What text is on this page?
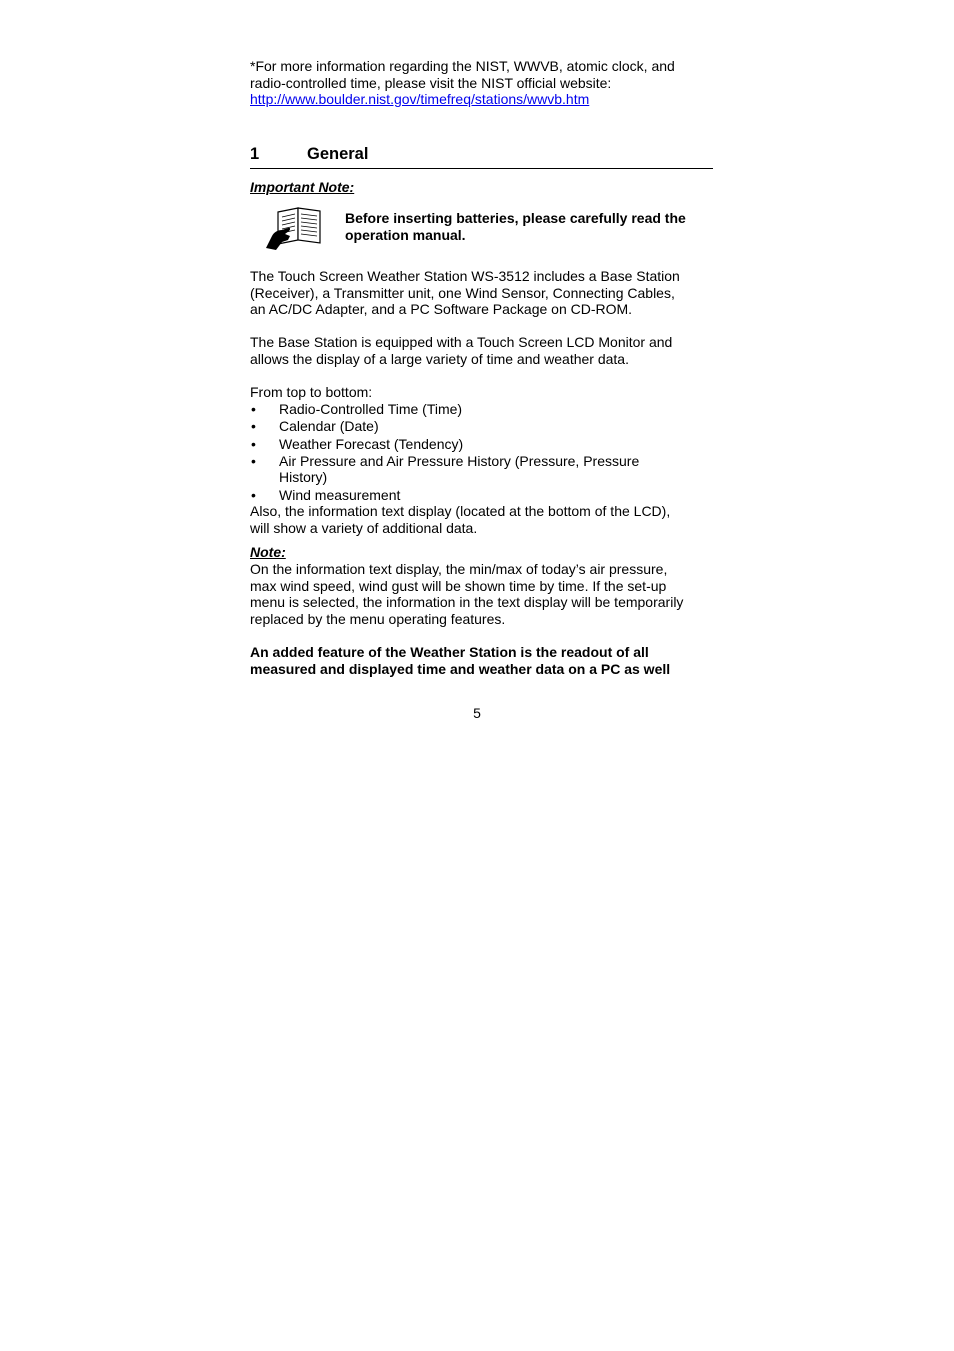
*For more information regarding the NIST, WWVB, atomic clock, and

radio-controlled time, please visit the NIST official website:

http://www.boulder.nist.gov/timefreq/stations/wwvb.htm

1	General
Important Note:

Before inserting batteries, please carefully read the

operation manual.

The Touch Screen Weather Station WS-3512 includes a Base Station

(Receiver), a Transmitter unit, one Wind Sensor, Connecting Cables,

an AC/DC Adapter, and a PC Software Package on CD-ROM.

The Base Station is equipped with a Touch Screen LCD Monitor and

allows the display of a large variety of time and weather data.

From top to bottom:

• Radio-Controlled Time (Time)
• Calendar (Date)
• Weather Forecast (Tendency)
• Air Pressure and Air Pressure History (Pressure, Pressure History)
• Wind measurement

Also, the information text display (located at the bottom of the LCD),

will show a variety of additional data.

Note:

On the information text display, the min/max of today’s air pressure,

max wind speed, wind gust will be shown time by time. If the set-up

menu is selected, the information in the text display will be temporarily

replaced by the menu operating features.

An added feature of the Weather Station is the readout of all

measured and displayed time and weather data on a PC as well

5
